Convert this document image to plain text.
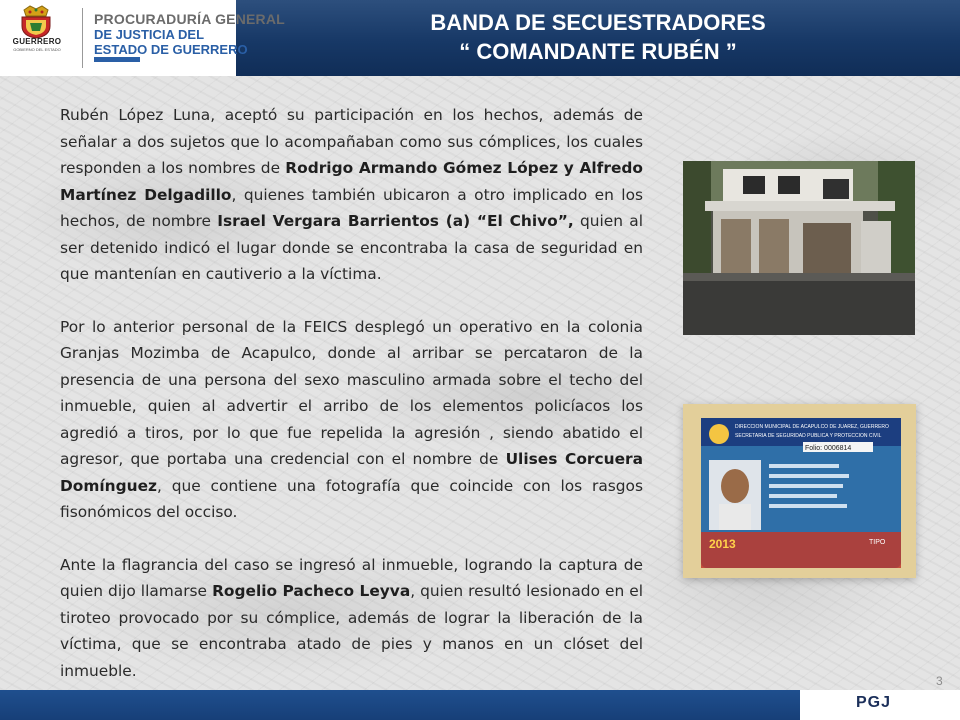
GUERRERO
GOBIERNO DEL ESTADO
PROCURADURÍA GENERAL
DE JUSTICIA DEL
ESTADO DE GUERRERO
BANDA DE SECUESTRADORES
“ COMANDANTE RUBÉN ”

Rubén López Luna, aceptó su participación en los hechos, además de señalar a dos sujetos que lo acompañaban como sus cómplices, los cuales responden a los nombres de Rodrigo Armando Gómez López y Alfredo Martínez Delgadillo, quienes también ubicaron a otro implicado en los hechos, de nombre Israel Vergara Barrientos (a) “El Chivo”, quien al ser detenido indicó el lugar donde se encontraba la casa de seguridad en que mantenían en cautiverio a la víctima.

Por lo anterior personal de la FEICS desplegó un operativo en la colonia Granjas Mozimba de Acapulco, donde al arribar se percataron de la presencia de una persona del sexo masculino armada sobre el techo del inmueble, quien al advertir el arribo de los elementos policíacos los agredió a tiros, por lo que fue repelida la agresión , siendo abatido el agresor, que portaba una credencial con el nombre de Ulises Corcuera Domínguez, que contiene una fotografía que coincide con los rasgos fisonómicos del occiso.

Ante la flagrancia del caso se ingresó al inmueble, logrando la captura de quien dijo llamarse Rogelio Pacheco Leyva, quien resultó lesionado en el tiroteo provocado por su cómplice, además de lograr la liberación de la víctima, que se encontraba atado de pies y manos en un clóset del inmueble.

DIRECCION MUNICIPAL DE ACAPULCO DE JUAREZ, GUERRERO
SECRETARIA DE SEGURIDAD PUBLICA Y PROTECCION CIVIL
Folio: 0006814
2013	TIPO
PGJ
3
